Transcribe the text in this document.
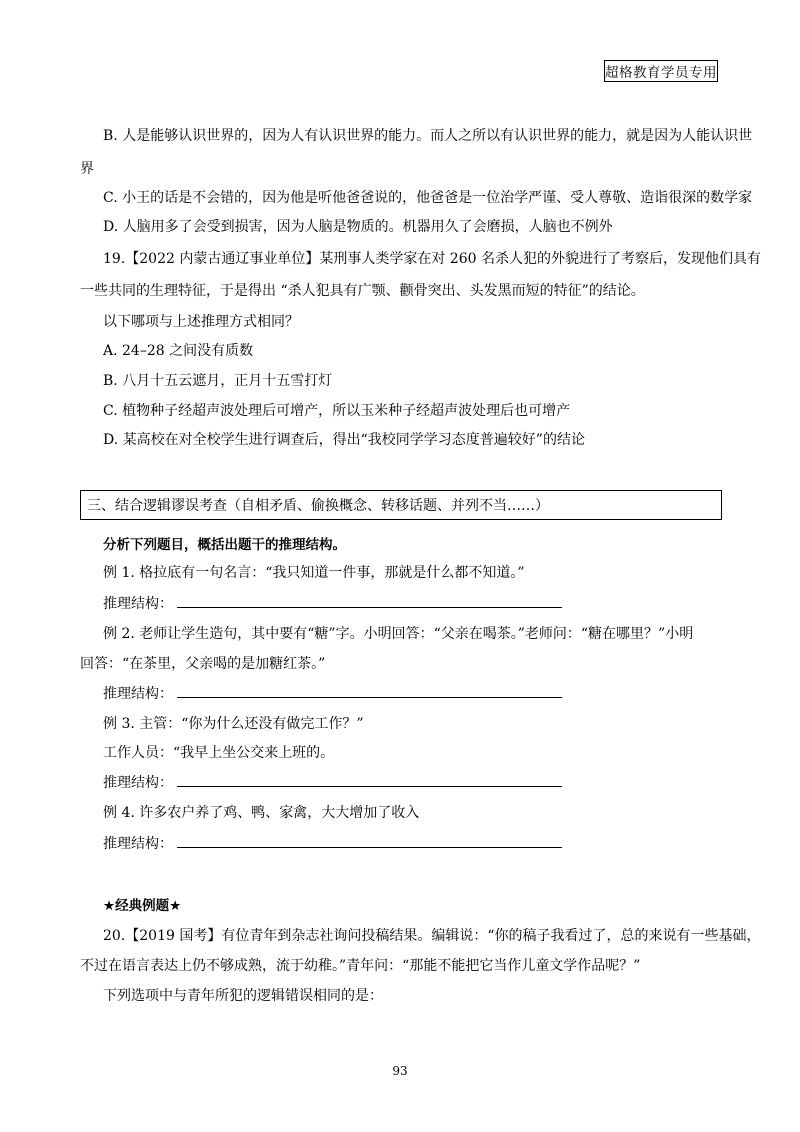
超格教育学员专用
B. 人是能够认识世界的，因为人有认识世界的能力。而人之所以有认识世界的能力，就是因为人能认识世
界
C. 小王的话是不会错的，因为他是听他爸爸说的，他爸爸是一位治学严谨、受人尊敬、造诣很深的数学家
D. 人脑用多了会受到损害，因为人脑是物质的。机器用久了会磨损，人脑也不例外
19.【2022 内蒙古通辽事业单位】某刑事人类学家在对 260 名杀人犯的外貌进行了考察后，发现他们具有
一些共同的生理特征，于是得出 “杀人犯具有广颚、颧骨突出、头发黑而短的特征”的结论。
以下哪项与上述推理方式相同？
A. 24–28 之间没有质数
B. 八月十五云遮月，正月十五雪打灯
C. 植物种子经超声波处理后可增产，所以玉米种子经超声波处理后也可增产
D. 某高校在对全校学生进行调查后，得出“我校同学学习态度普遍较好”的结论
三、结合逻辑谬误考查（自相矛盾、偷换概念、转移话题、并列不当……）
分析下列题目，概括出题干的推理结构。
例 1. 格拉底有一句名言：“我只知道一件事，那就是什么都不知道。”
推理结构：
例 2. 老师让学生造句，其中要有“糖”字。小明回答：“父亲在喝茶。”老师问：“糖在哪里？”小明
回答：“在茶里，父亲喝的是加糖红茶。”
推理结构：
例 3. 主管：“你为什么还没有做完工作？”
工作人员：“我早上坐公交来上班的。
推理结构：
例 4. 许多农户养了鸡、鸭、家禽，大大增加了收入
推理结构：
★经典例题★
20.【2019 国考】有位青年到杂志社询问投稿结果。编辑说：“你的稿子我看过了，总的来说有一些基础，
不过在语言表达上仍不够成熟，流于幼稚。”青年问：“那能不能把它当作儿童文学作品呢？”
下列选项中与青年所犯的逻辑错误相同的是：
93
